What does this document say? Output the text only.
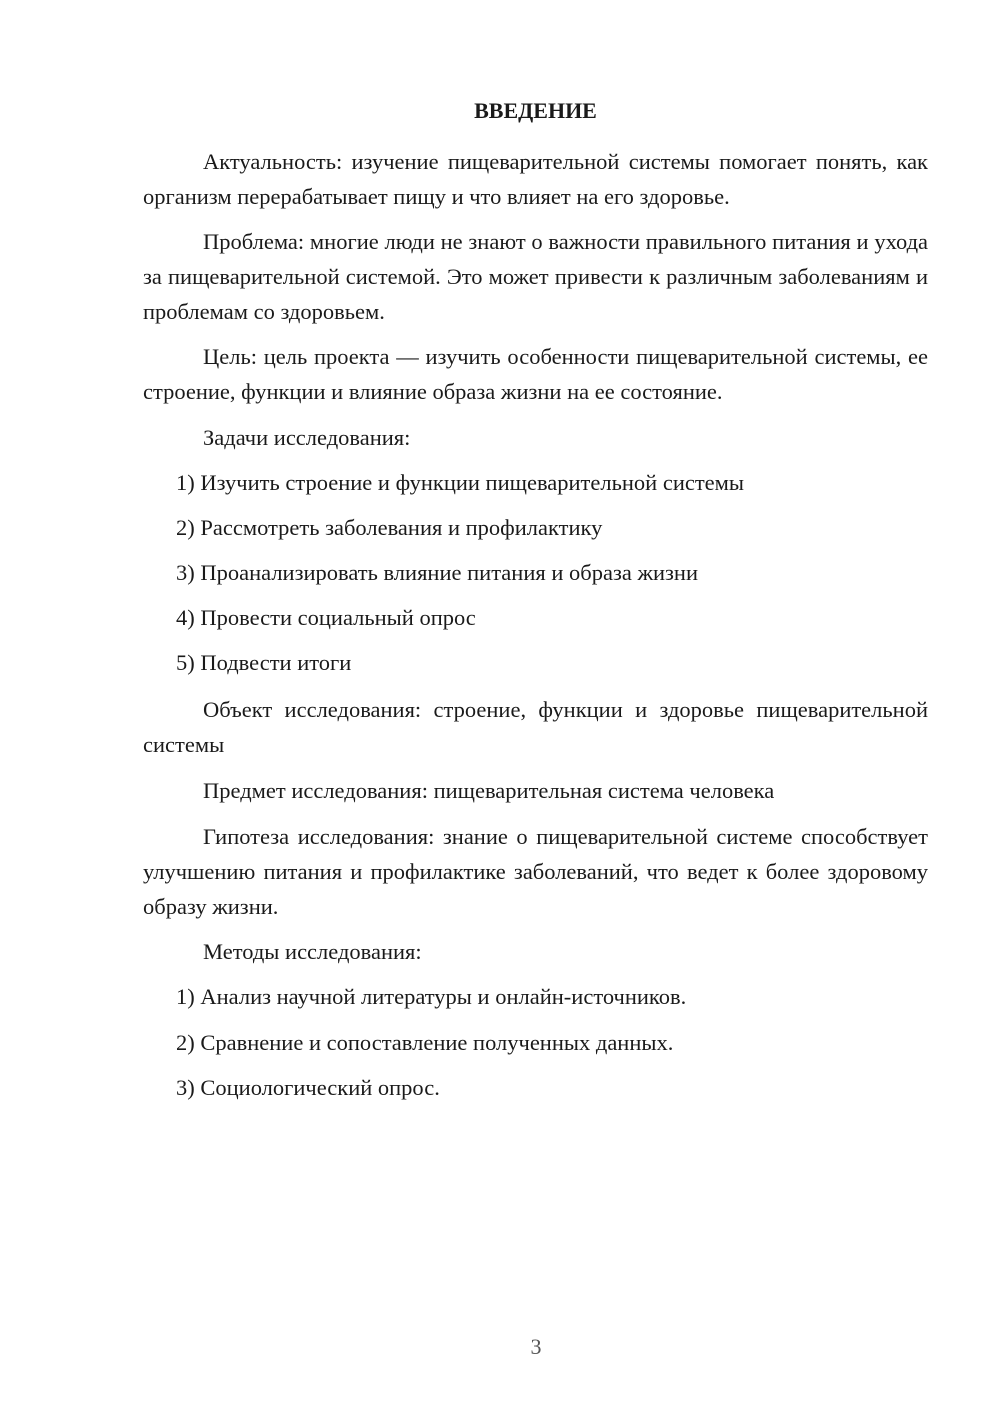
ВВЕДЕНИЕ

Актуальность: изучение пищеварительной системы помогает понять, как организм перерабатывает пищу и что влияет на его здоровье.

Проблема: многие люди не знают о важности правильного питания и ухода за пищеварительной системой. Это может привести к различным заболеваниям и проблемам со здоровьем.

Цель: цель проекта — изучить особенности пищеварительной системы, ее строение, функции и влияние образа жизни на ее состояние.

Задачи исследования:

1) Изучить строение и функции пищеварительной системы

2) Рассмотреть заболевания и профилактику

3) Проанализировать влияние питания и образа жизни

4) Провести социальный опрос

5) Подвести итоги

Объект исследования: строение, функции и здоровье пищеварительной системы

Предмет исследования: пищеварительная система человека

Гипотеза исследования: знание о пищеварительной системе способствует улучшению питания и профилактике заболеваний, что ведет к более здоровому образу жизни.

Методы исследования:

1) Анализ научной литературы и онлайн-источников.

2) Сравнение и сопоставление полученных данных.

3) Социологический опрос.

3
